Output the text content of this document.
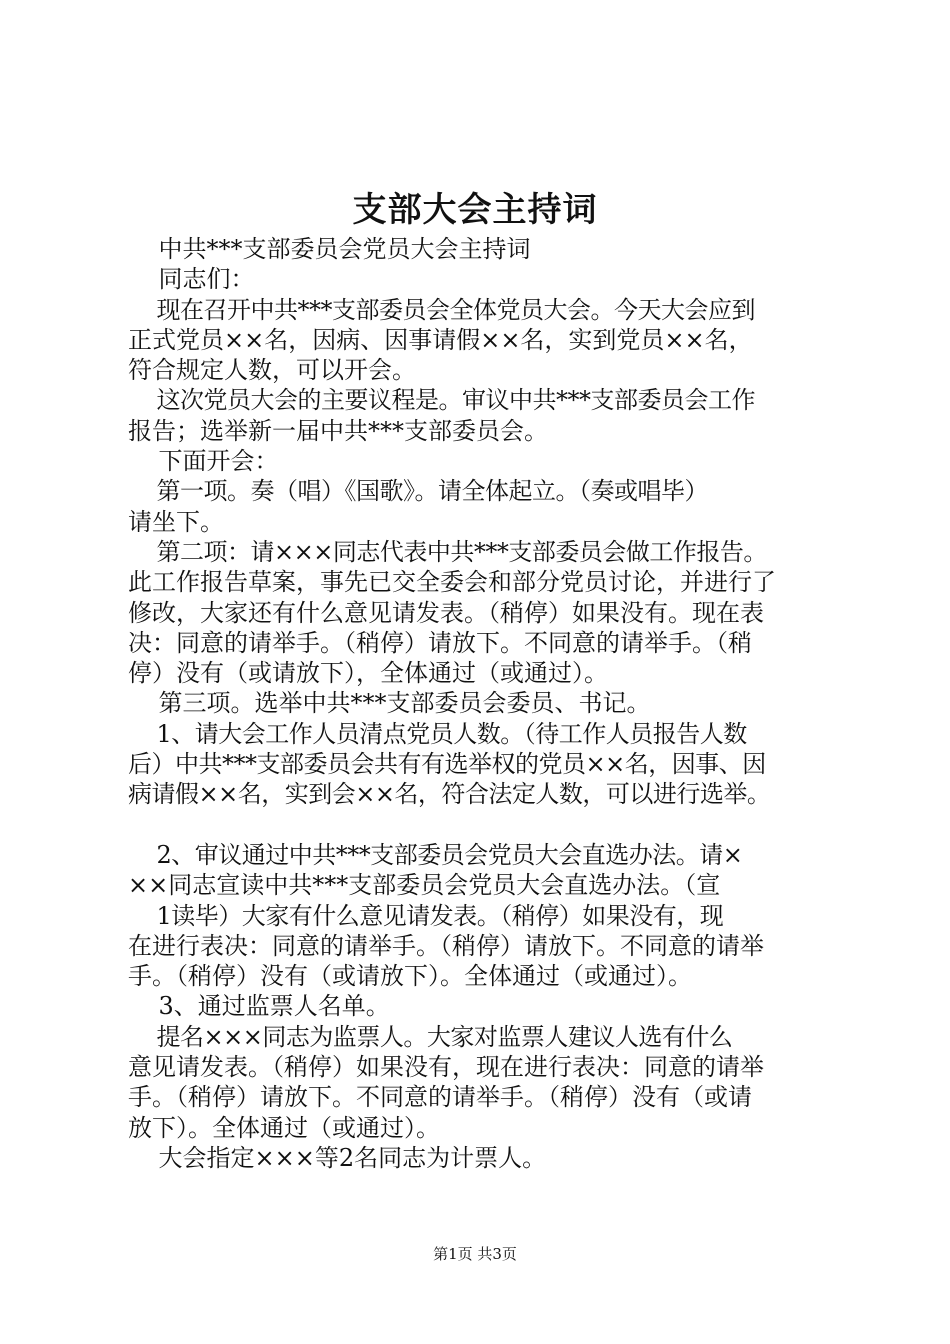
支部大会主持词
中共***支部委员会党员大会主持词
同志们：
现在召开中共***支部委员会全体党员大会。今天大会应到
正式党员××名，因病、因事请假××名，实到党员××名，
符合规定人数，可以开会。
这次党员大会的主要议程是。审议中共***支部委员会工作
报告；选举新一届中共***支部委员会。
下面开会：
第一项。奏（唱）《国歌》。请全体起立。（奏或唱毕）
请坐下。
第二项：请×××同志代表中共***支部委员会做工作报告。
此工作报告草案，事先已交全委会和部分党员讨论，并进行了
修改，大家还有什么意见请发表。（稍停）如果没有。现在表
决：同意的请举手。（稍停）请放下。不同意的请举手。（稍
停）没有（或请放下），全体通过（或通过）。
第三项。选举中共***支部委员会委员、书记。
1、请大会工作人员清点党员人数。（待工作人员报告人数
后）中共***支部委员会共有有选举权的党员××名，因事、因
病请假××名，实到会××名，符合法定人数，可以进行选举。
2、审议通过中共***支部委员会党员大会直选办法。请×
××同志宣读中共***支部委员会党员大会直选办法。（宣
1读毕）大家有什么意见请发表。（稍停）如果没有，现
在进行表决：同意的请举手。（稍停）请放下。不同意的请举
手。（稍停）没有（或请放下）。全体通过（或通过）。
3、通过监票人名单。
提名×××同志为监票人。大家对监票人建议人选有什么
意见请发表。（稍停）如果没有，现在进行表决：同意的请举
手。（稍停）请放下。不同意的请举手。（稍停）没有（或请
放下）。全体通过（或通过）。
大会指定×××等2名同志为计票人。
第1页 共3页
